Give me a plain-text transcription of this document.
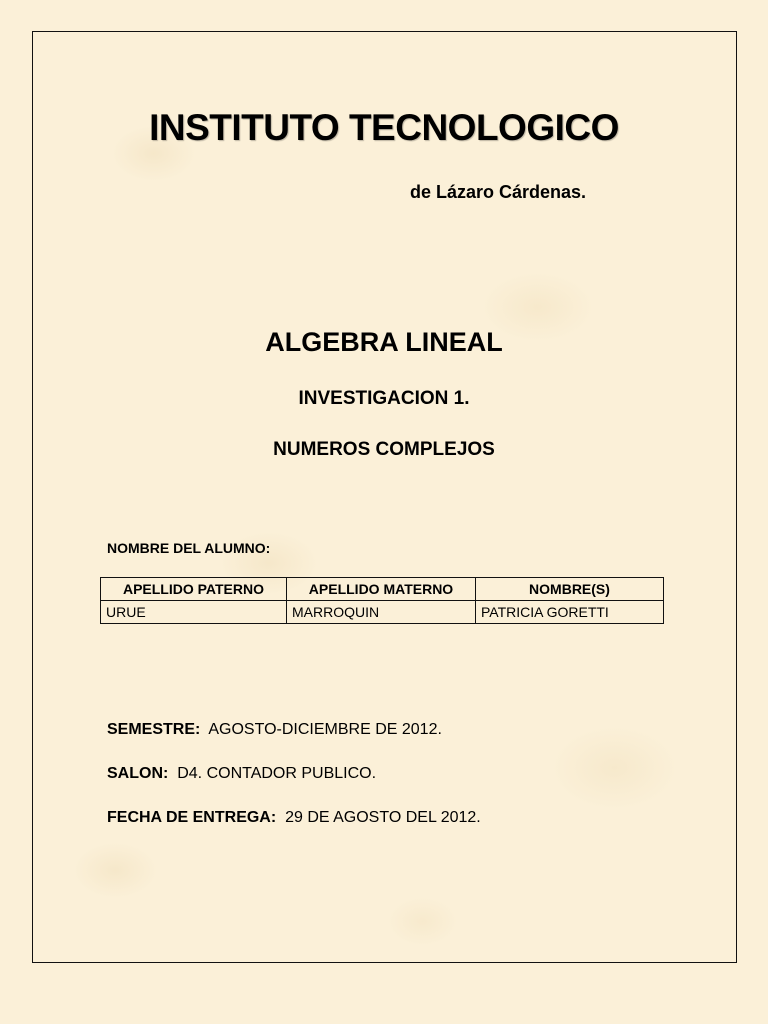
INSTITUTO TECNOLOGICO
de Lázaro Cárdenas.
ALGEBRA LINEAL
INVESTIGACION 1.
NUMEROS COMPLEJOS
NOMBRE DEL ALUMNO:
APELLIDO PATERNO	APELLIDO MATERNO	NOMBRE(S)
URUE	MARROQUIN	PATRICIA GORETTI
SEMESTRE: AGOSTO-DICIEMBRE DE 2012.
SALON: D4. CONTADOR PUBLICO.
FECHA DE ENTREGA: 29 DE AGOSTO DEL 2012.
